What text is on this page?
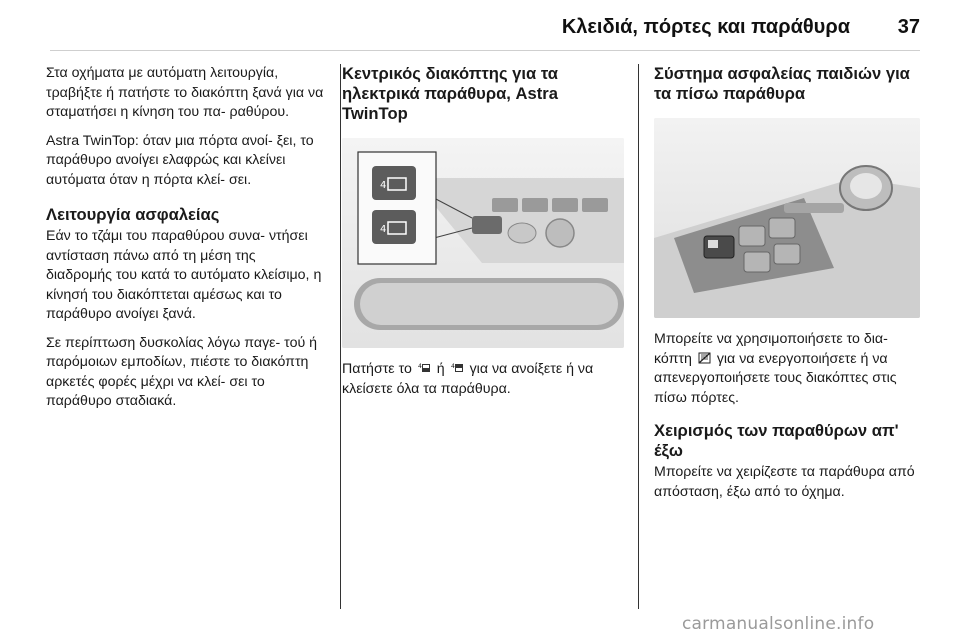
Κλειδιά, πόρτες και παράθυρα 37

Στα οχήματα με αυτόματη λειτουργία, τραβήξτε ή πατήστε το διακόπτη ξανά για να σταματήσει η κίνηση του πα‐ ραθύρου.

Astra TwinTop: όταν μια πόρτα ανοί‐ ξει, το παράθυρο ανοίγει ελαφρώς και κλείνει αυτόματα όταν η πόρτα κλεί‐ σει.

Λειτουργία ασφαλείας

Εάν το τζάμι του παραθύρου συνα‐ ντήσει αντίσταση πάνω από τη μέση της διαδρομής του κατά το αυτόματο κλείσιμο, η κίνησή του διακόπτεται αμέσως και το παράθυρο ανοίγει ξανά.

Σε περίπτωση δυσκολίας λόγω παγε‐ τού ή παρόμοιων εμποδίων, πιέστε το διακόπτη αρκετές φορές μέχρι να κλεί‐ σει το παράθυρο σταδιακά.

Κεντρικός διακόπτης για τα ηλεκτρικά παράθυρα, Astra TwinTop
4
4

Πατήστε το 4 ή 4 για να ανοίξετε ή να κλείσετε όλα τα παράθυρα.

Σύστημα ασφαλείας παιδιών για τα πίσω παράθυρα

Μπορείτε να χρησιμοποιήσετε το δια‐ κόπτη για να ενεργοποιήσετε ή να απενεργοποιήσετε τους διακόπτες στις πίσω πόρτες.

Χειρισμός των παραθύρων απ' έξω

Μπορείτε να χειρίζεστε τα παράθυρα από απόσταση, έξω από το όχημα.

carmanualsonline.info
